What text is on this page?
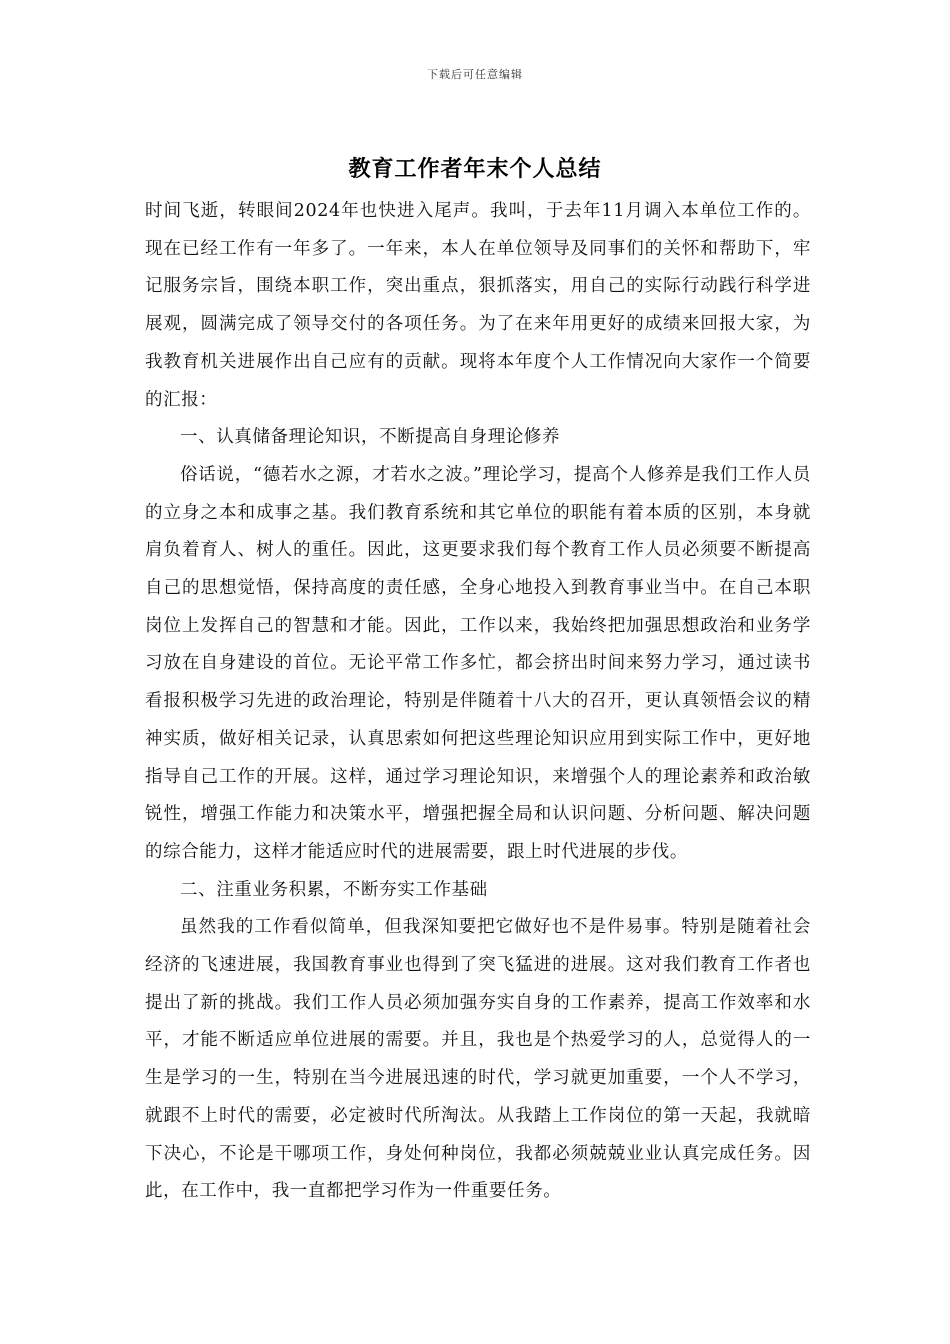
下载后可任意编辑
教育工作者年末个人总结

时间飞逝，转眼间2024年也快进入尾声。我叫，于去年11月调入本单位工作的。现在已经工作有一年多了。一年来，本人在单位领导及同事们的关怀和帮助下，牢记服务宗旨，围绕本职工作，突出重点，狠抓落实，用自己的实际行动践行科学进展观，圆满完成了领导交付的各项任务。为了在来年用更好的成绩来回报大家，为我教育机关进展作出自己应有的贡献。现将本年度个人工作情况向大家作一个简要的汇报：

一、认真储备理论知识，不断提高自身理论修养

俗话说，“德若水之源，才若水之波。”理论学习，提高个人修养是我们工作人员的立身之本和成事之基。我们教育系统和其它单位的职能有着本质的区别，本身就肩负着育人、树人的重任。因此，这更要求我们每个教育工作人员必须要不断提高自己的思想觉悟，保持高度的责任感，全身心地投入到教育事业当中。在自己本职岗位上发挥自己的智慧和才能。因此，工作以来，我始终把加强思想政治和业务学习放在自身建设的首位。无论平常工作多忙，都会挤出时间来努力学习，通过读书看报积极学习先进的政治理论，特别是伴随着十八大的召开，更认真领悟会议的精神实质，做好相关记录，认真思索如何把这些理论知识应用到实际工作中，更好地指导自己工作的开展。这样，通过学习理论知识，来增强个人的理论素养和政治敏锐性，增强工作能力和决策水平，增强把握全局和认识问题、分析问题、解决问题的综合能力，这样才能适应时代的进展需要，跟上时代进展的步伐。

二、注重业务积累，不断夯实工作基础

虽然我的工作看似简单，但我深知要把它做好也不是件易事。特别是随着社会经济的飞速进展，我国教育事业也得到了突飞猛进的进展。这对我们教育工作者也提出了新的挑战。我们工作人员必须加强夯实自身的工作素养，提高工作效率和水平，才能不断适应单位进展的需要。并且，我也是个热爱学习的人，总觉得人的一生是学习的一生，特别在当今进展迅速的时代，学习就更加重要，一个人不学习，就跟不上时代的需要，必定被时代所淘汰。从我踏上工作岗位的第一天起，我就暗下决心，不论是干哪项工作，身处何种岗位，我都必须兢兢业业认真完成任务。因此，在工作中，我一直都把学习作为一件重要任务。
